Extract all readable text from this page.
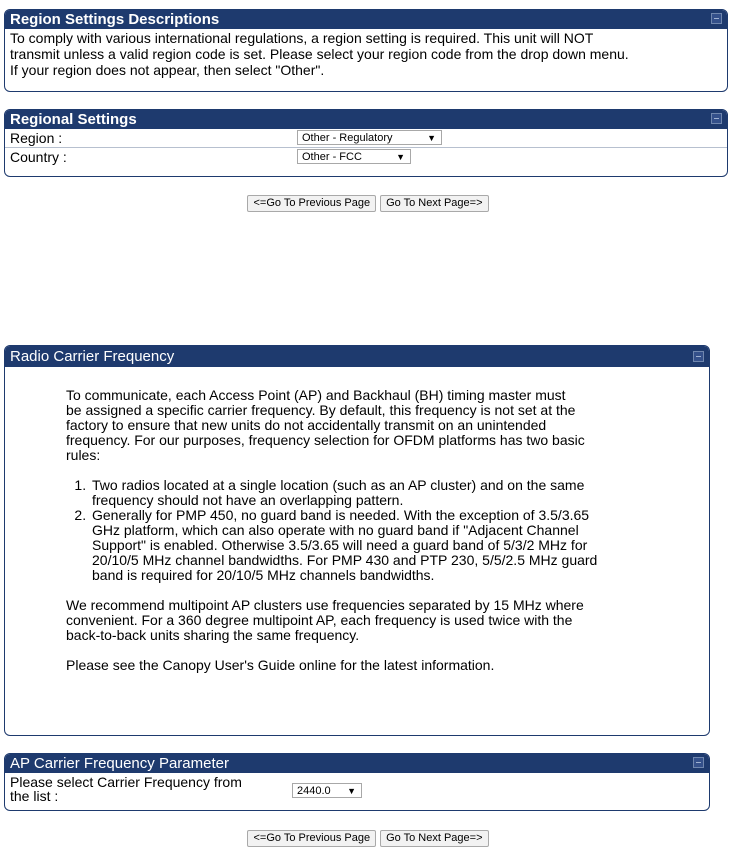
Region Settings Descriptions
To comply with various international regulations, a region setting is required. This unit will NOT
transmit unless a valid region code is set. Please select your region code from the drop down menu.
If your region does not appear, then select "Other".
Regional Settings
Region :	Other - Regulatory	▼
Country :	Other - FCC	▼
<=Go To Previous Page Go To Next Page=>
Radio Carrier Frequency

To communicate, each Access Point (AP) and Backhaul (BH) timing master must
be assigned a specific carrier frequency. By default, this frequency is not set at the
factory to ensure that new units do not accidentally transmit on an unintended
frequency. For our purposes, frequency selection for OFDM platforms has two basic
rules:

1. Two radios located at a single location (such as an AP cluster) and on the same
frequency should not have an overlapping pattern.
2. Generally for PMP 450, no guard band is needed. With the exception of 3.5/3.65
GHz platform, which can also operate with no guard band if "Adjacent Channel
Support" is enabled. Otherwise 3.5/3.65 will need a guard band of 5/3/2 MHz for
20/10/5 MHz channel bandwidths. For PMP 430 and PTP 230, 5/5/2.5 MHz guard
band is required for 20/10/5 MHz channels bandwidths.

We recommend multipoint AP clusters use frequencies separated by 15 MHz where
convenient. For a 360 degree multipoint AP, each frequency is used twice with the
back-to-back units sharing the same frequency.

Please see the Canopy User's Guide online for the latest information.

AP Carrier Frequency Parameter
Please select Carrier Frequency from
the list :	2440.0 ▼
<=Go To Previous Page Go To Next Page=>
